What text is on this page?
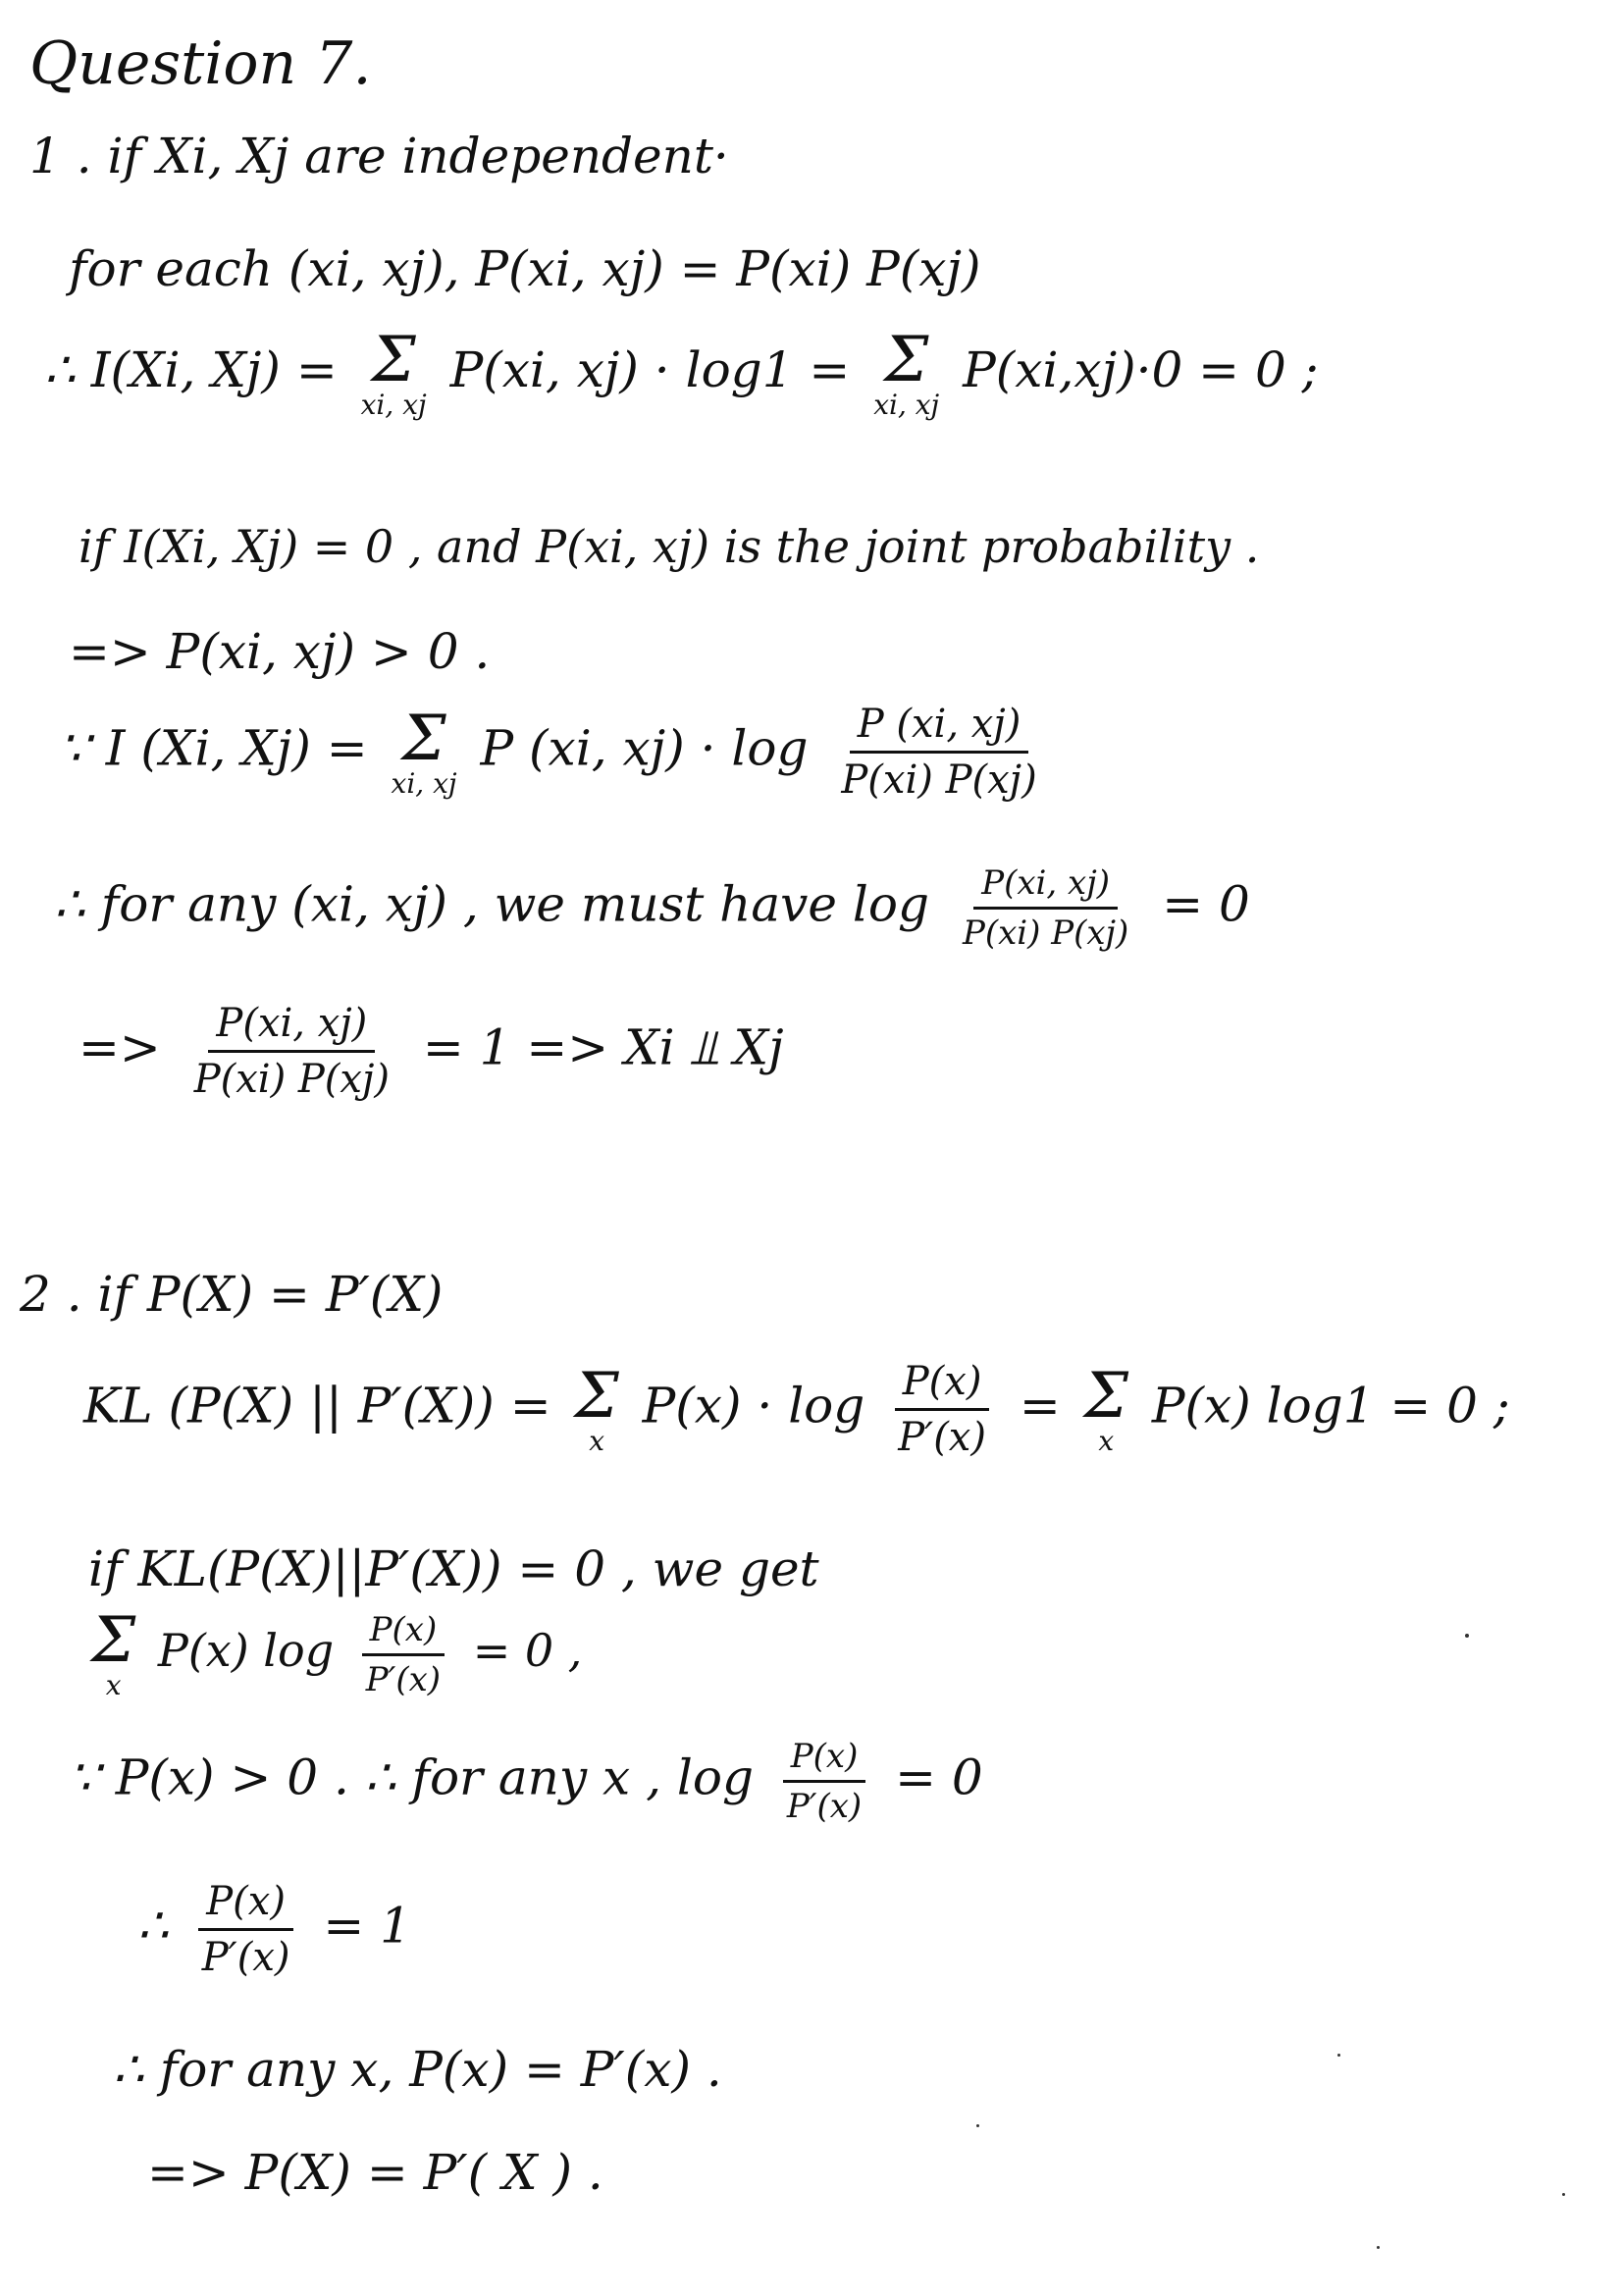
Question 7.
1 . if Xi, Xj are independent·
for each (xi, xj), P(xi, xj) = P(xi) P(xj)
∴ I(Xi, Xj) = Σ
xi, xj
P(xi, xj) · log1 = Σ
xi, xj
P(xi,xj)·0 = 0 ;
if I(Xi, Xj) = 0 , and P(xi, xj) is the joint probability .
=> P(xi, xj) > 0 .
∵ I (Xi, Xj) = Σ
xi, xj
P (xi, $xj) \cdot \log \frac{P (xi, xj)}{P(xi) P(xj)}$
∴ for any (xi, xj) , we must have $\log \frac{P(xi, xj)}{P(xi) P(xj)} = 0$
=> $\frac{P(xi, xj)}{P(xi) P(xj)} = 1 => Xi$ ⫫ Xj
2 . if P(X) = P′(X)
KL (P(X) || P′(X)) = Σ
x
$P(x) \cdot \log \frac{P(x)}{P'(x)} = \Sigma$
x
P(x) log1 = 0 ;
if KL(P(X)||P′(X)) = 0 , we get
Σ
x
P(x) $\log \frac{P(x)}{P'(x)} = 0$ ,
∵ P(x) > 0 . ∴ for any x , $\log \frac{P(x)}{P'(x)} = 0$
∴ $\frac{P(x)}{P'(x)} = 1$
∴ for any x, P(x) = P′(x) .
=> P(X) = P′( X ) .
